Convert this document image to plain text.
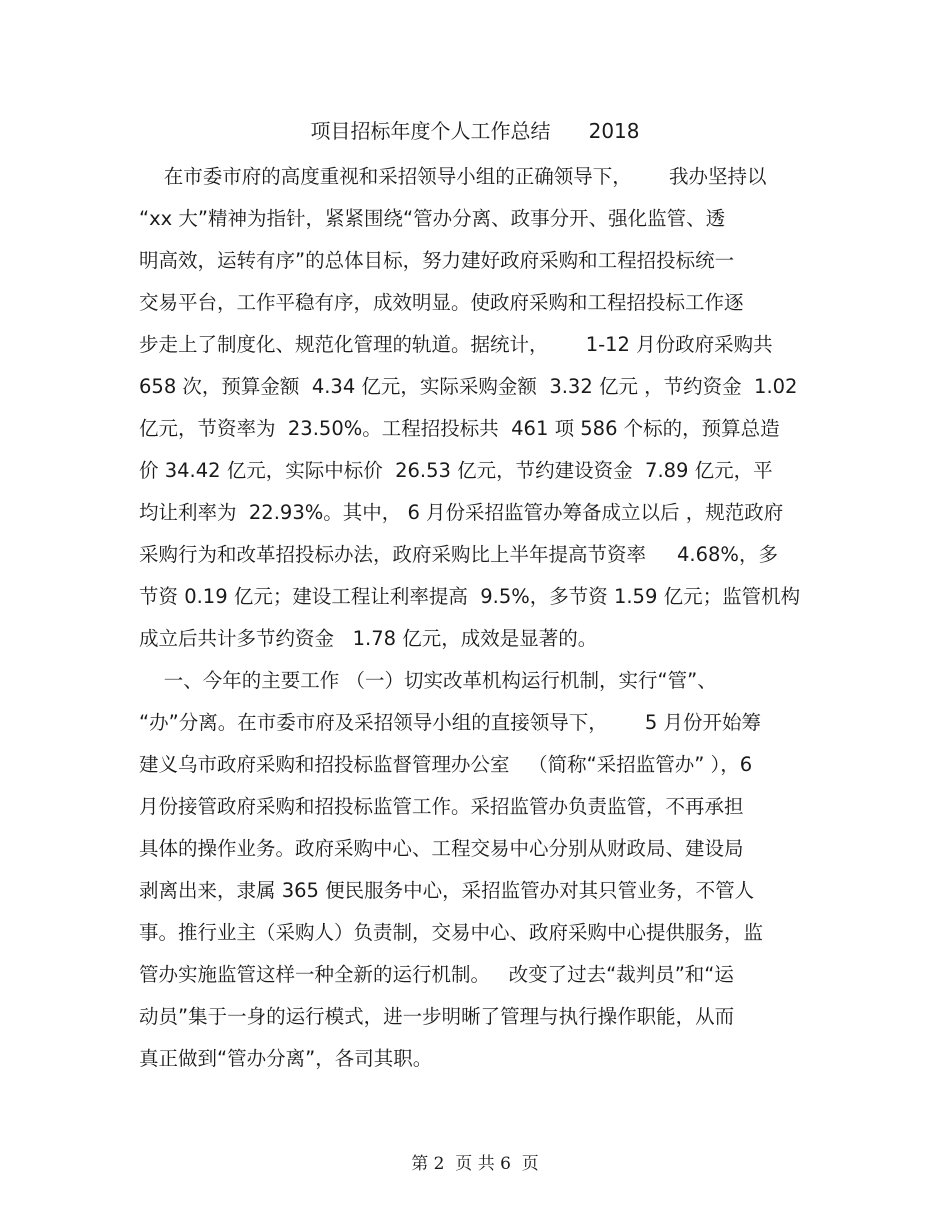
项目招标年度个人工作总结      2018
在市委市府的高度重视和采招领导小组的正确领导下，      我办坚持以
“xx 大”精神为指针，紧紧围绕“管办分离、政事分开、强化监管、透
明高效，运转有序”的总体目标，努力建好政府采购和工程招投标统一
交易平台，工作平稳有序，成效明显。使政府采购和工程招投标工作逐
步走上了制度化、规范化管理的轨道。据统计，      1-12 月份政府采购共
658 次，预算金额  4.34 亿元，实际采购金额  3.32 亿元 ，节约资金  1.02
亿元，节资率为  23.50%。工程招投标共  461 项 586 个标的，预算总造
价 34.42 亿元，实际中标价  26.53 亿元，节约建设资金  7.89 亿元，平
均让利率为  22.93%。其中， 6 月份采招监管办筹备成立以后 ，规范政府
采购行为和改革招投标办法，政府采购比上半年提高节资率     4.68%，多
节资 0.19 亿元；建设工程让利率提高  9.5%，多节资 1.59 亿元；监管机构
成立后共计多节约资金   1.78 亿元，成效是显著的。
一、今年的主要工作 （一）切实改革机构运行机制，实行“管”、
“办”分离。在市委市府及采招领导小组的直接领导下，      5 月份开始筹
建义乌市政府采购和招投标监督管理办公室   （简称“采招监管办” ），6
月份接管政府采购和招投标监管工作。采招监管办负责监管，不再承担
具体的操作业务。政府采购中心、工程交易中心分别从财政局、建设局
剥离出来，隶属 365 便民服务中心，采招监管办对其只管业务，不管人
事。推行业主（采购人）负责制，交易中心、政府采购中心提供服务，监
管办实施监管这样一种全新的运行机制。   改变了过去“裁判员”和“运
动员”集于一身的运行模式，进一步明晰了管理与执行操作职能，从而
真正做到“管办分离”，各司其职。
第 2  页 共 6  页
